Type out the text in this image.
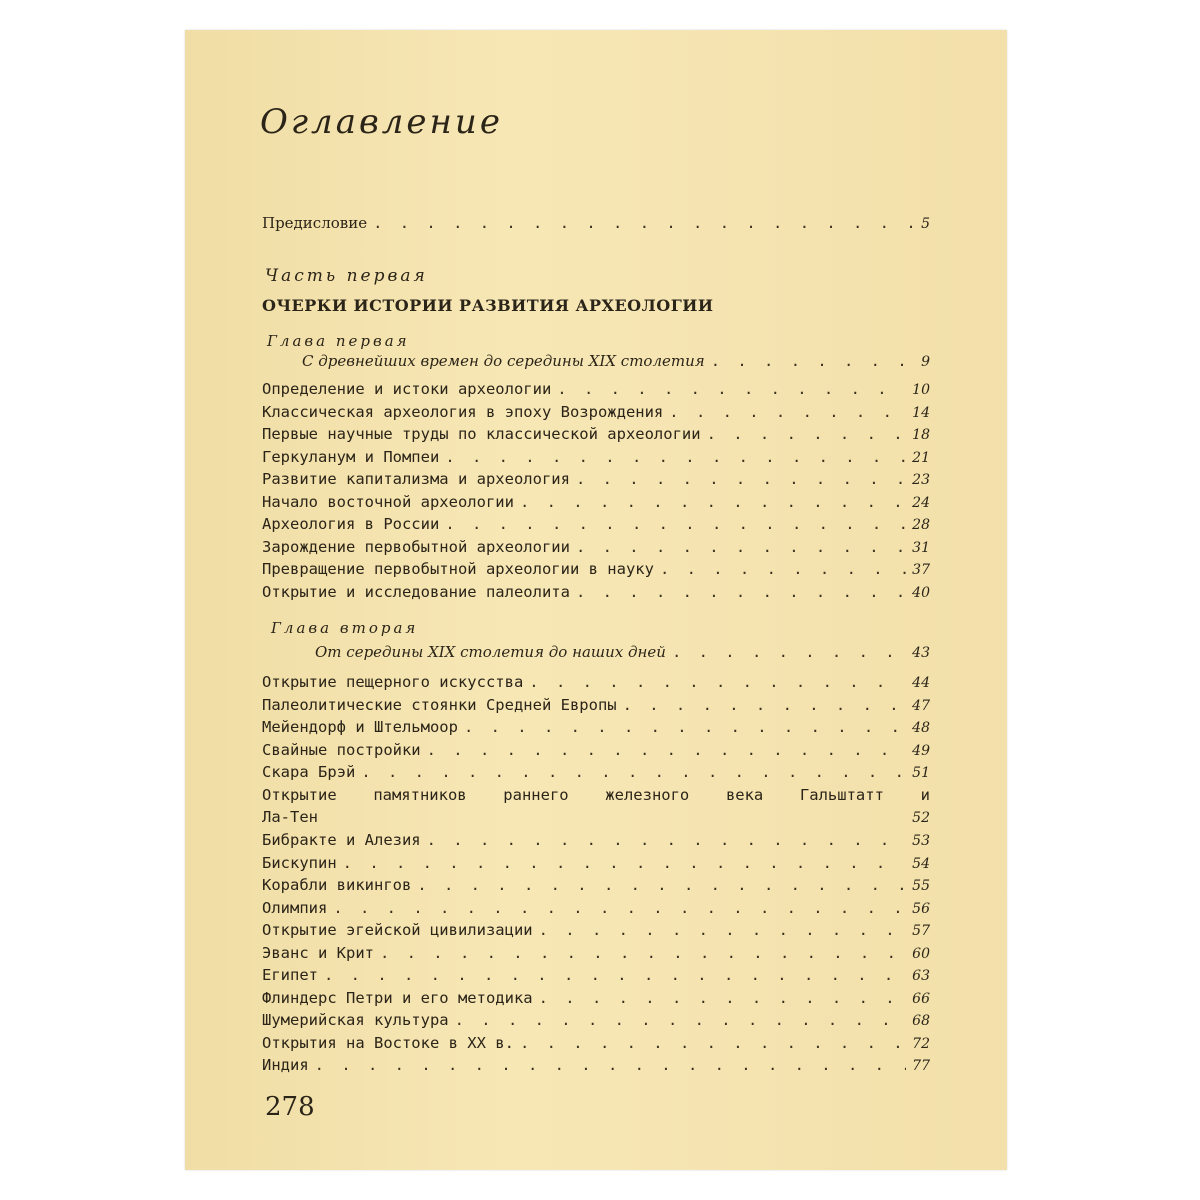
Оглавление
Предисловие . . .	5
Часть первая
ОЧЕРКИ ИСТОРИИ РАЗВИТИЯ АРХЕОЛОГИИ
Глава первая
С древнейших времен до середины XIX столетия . . .	9
Определение и истоки археологии . . .	10
Классическая археология в эпоху Возрождения . . .	14
Первые научные труды по классической археологии . . .	18
Геркуланум и Помпеи . . .	21
Развитие капитализма и археология . . .	23
Начало восточной археологии . . .	24
Археология в России . . .	28
Зарождение первобытной археологии . . .	31
Превращение первобытной археологии в науку . . .	37
Открытие и исследование палеолита . . .	40
Глава вторая
От середины XIX столетия до наших дней . . .	43
Открытие пещерного искусства . . .	44
Палеолитические стоянки Средней Европы . . .	47
Мейендорф и Штельмоор . . .	48
Свайные постройки . . .	49
Скара Брэй . . .	51
Открытие памятников раннего железного века Гальштатт и
Ла-Тен	52
Бибракте и Алезия . . .	53
Бискупин . . .	54
Корабли викингов . . .	55
Олимпия . . .	56
Открытие эгейской цивилизации . . .	57
Эванс и Крит . . .	60
Египет . . .	63
Флиндерс Петри и его методика . . .	66
Шумерийская культура . . .	68
Открытия на Востоке в XX в. . . .	72
Индия . . .	77
278
